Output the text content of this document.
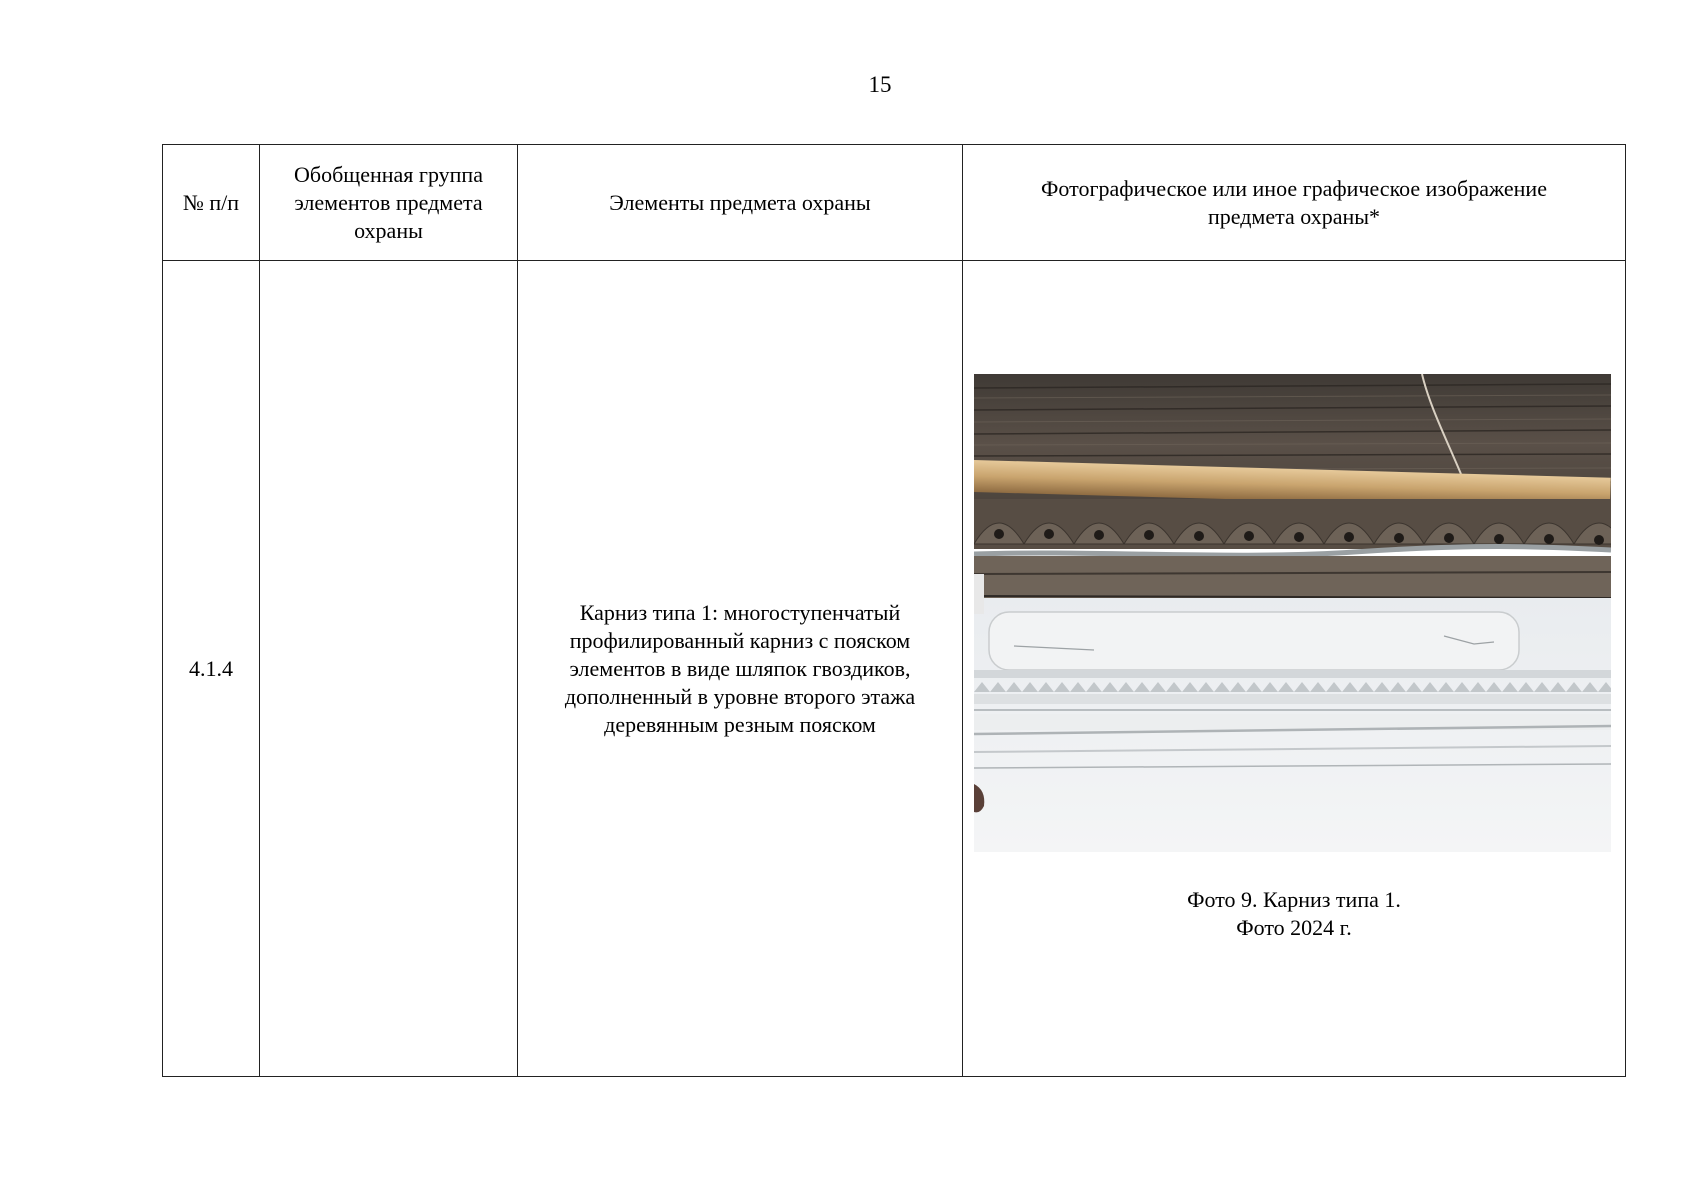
15
№ п/п	Обобщенная группа элементов предмета охраны	Элементы предмета охраны	Фотографическое или иное графическое изображение предмета охраны*
4.1.4		Карниз типа 1: многоступенчатый профилированный карниз с пояском элементов в виде шляпок гвоздиков, дополненный в уровне второго этажа деревянным резным пояском	Фото 9. Карниз типа 1.
Фото 2024 г.
